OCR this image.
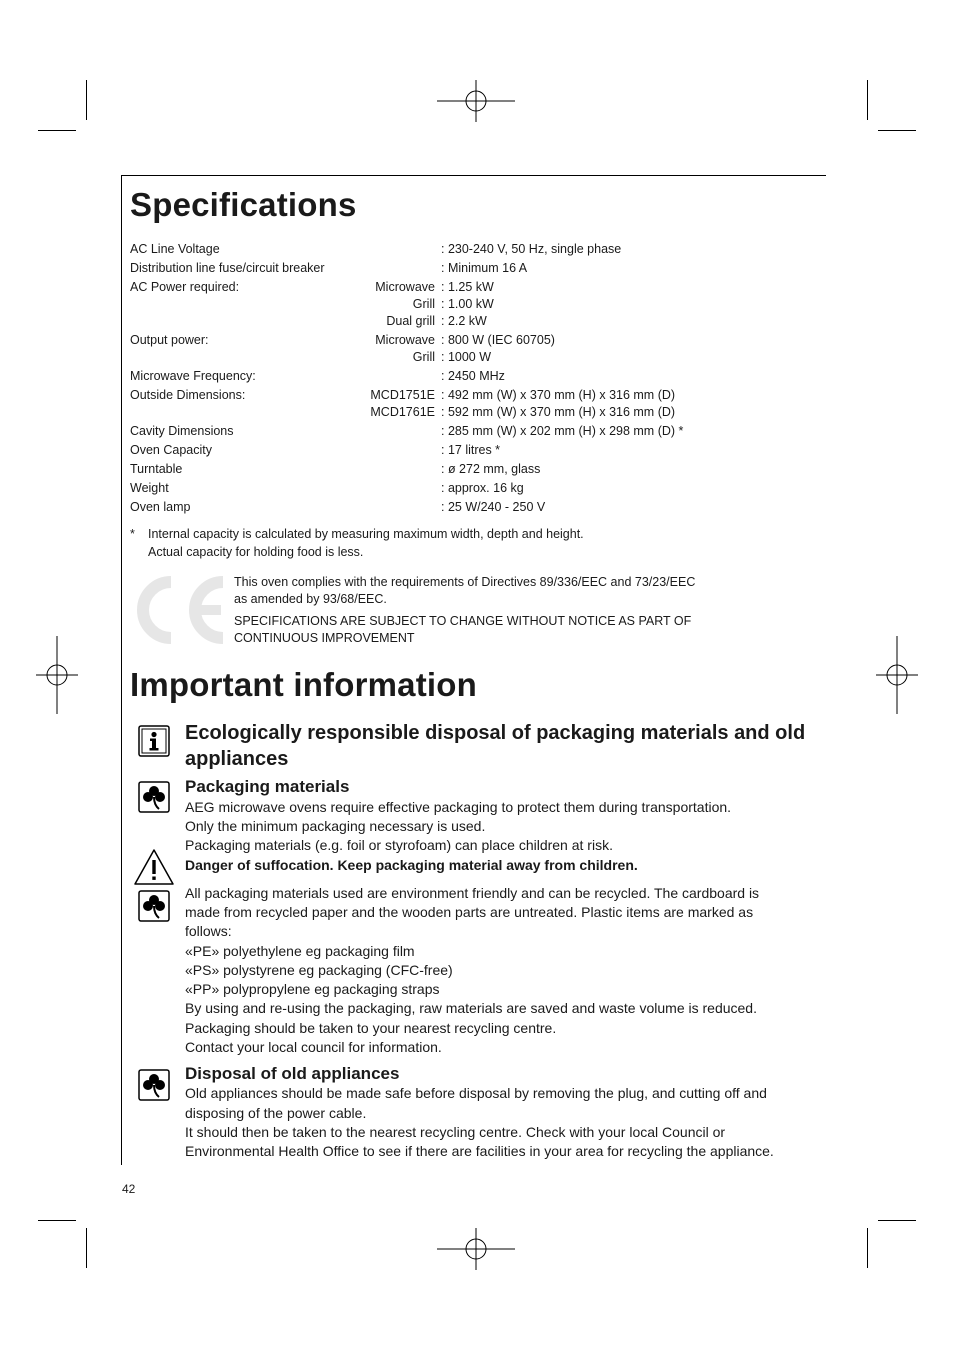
Specifications
AC Line Voltage	: 230-240 V, 50 Hz, single phase
Distribution line fuse/circuit breaker	: Minimum 16 A
AC Power required:	Microwave : 1.25 kW
Grill : 1.00 kW
Dual grill : 2.2 kW
Output power:	Microwave : 800 W (IEC 60705)
Grill : 1000 W
Microwave Frequency:	: 2450 MHz
Outside Dimensions:	MCD1751E : 492 mm (W) x 370 mm (H) x 316 mm (D)
MCD1761E : 592 mm (W) x 370 mm (H) x 316 mm (D)
Cavity Dimensions	: 285 mm (W) x 202 mm (H) x 298 mm (D) *
Oven Capacity	: 17 litres *
Turntable	: ø 272 mm, glass
Weight	: approx. 16 kg
Oven lamp	: 25 W/240 - 250 V
* Internal capacity is calculated by measuring maximum width, depth and height.
Actual capacity for holding food is less.
This oven complies with the requirements of Directives 89/336/EEC and 73/23/EEC
as amended by 93/68/EEC.
SPECIFICATIONS ARE SUBJECT TO CHANGE WITHOUT NOTICE AS PART OF
CONTINUOUS IMPROVEMENT
Important information
Ecologically responsible disposal of packaging materials and old
appliances
Packaging materials
AEG microwave ovens require effective packaging to protect them during transportation.
Only the minimum packaging necessary is used.
Packaging materials (e.g. foil or styrofoam) can place children at risk.
Danger of suffocation. Keep packaging material away from children.
All packaging materials used are environment friendly and can be recycled. The cardboard is
made from recycled paper and the wooden parts are untreated. Plastic items are marked as
follows:
«PE» polyethylene eg packaging film
«PS» polystyrene eg packaging (CFC-free)
«PP» polypropylene eg packaging straps
By using and re-using the packaging, raw materials are saved and waste volume is reduced.
Packaging should be taken to your nearest recycling centre.
Contact your local council for information.
Disposal of old appliances
Old appliances should be made safe before disposal by removing the plug, and cutting off and
disposing of the power cable.
It should then be taken to the nearest recycling centre. Check with your local Council or
Environmental Health Office to see if there are facilities in your area for recycling the appliance.
42
